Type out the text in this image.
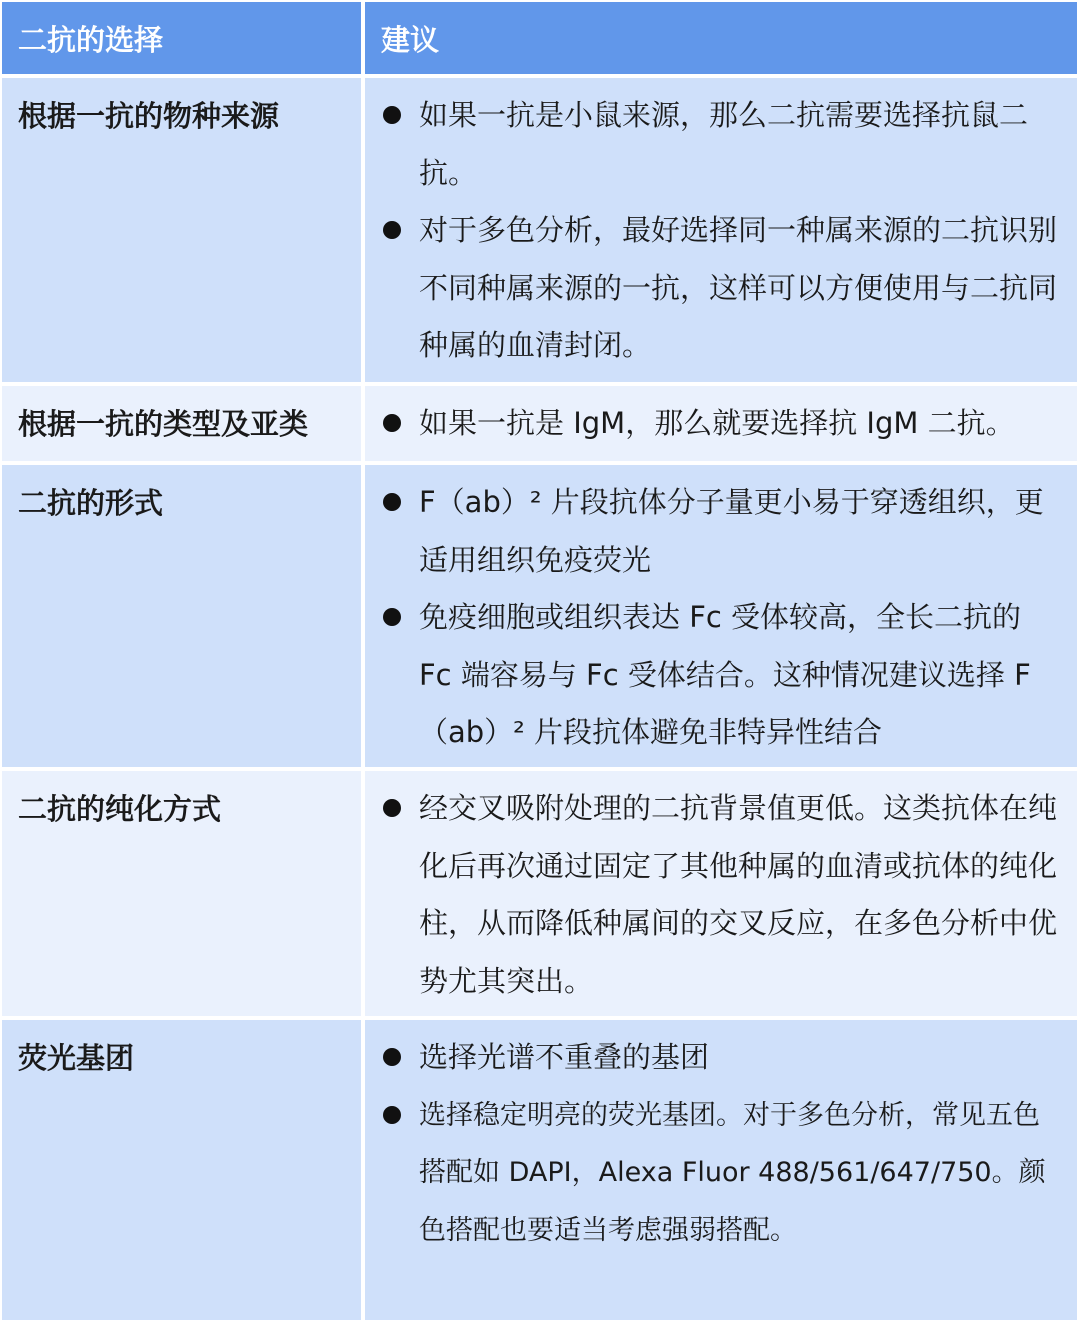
二抗的选择	建议
根据一抗的物种来源	如果一抗是小鼠来源，那么二抗需要选择抗鼠二抗。
对于多色分析，最好选择同一种属来源的二抗识别不同种属来源的一抗，这样可以方便使用与二抗同种属的血清封闭。
根据一抗的类型及亚类	如果一抗是 IgM，那么就要选择抗 IgM 二抗。
二抗的形式	F（ab）² 片段抗体分子量更小易于穿透组织，更适用组织免疫荧光
免疫细胞或组织表达 Fc 受体较高，全长二抗的 Fc 端容易与 Fc 受体结合。这种情况建议选择 F（ab）² 片段抗体避免非特异性结合
二抗的纯化方式	经交叉吸附处理的二抗背景值更低。这类抗体在纯化后再次通过固定了其他种属的血清或抗体的纯化柱，从而降低种属间的交叉反应，在多色分析中优势尤其突出。
荧光基团	选择光谱不重叠的基团
选择稳定明亮的荧光基团。对于多色分析，常见五色搭配如 DAPI，Alexa Fluor 488/561/647/750。颜色搭配也要适当考虑强弱搭配。
